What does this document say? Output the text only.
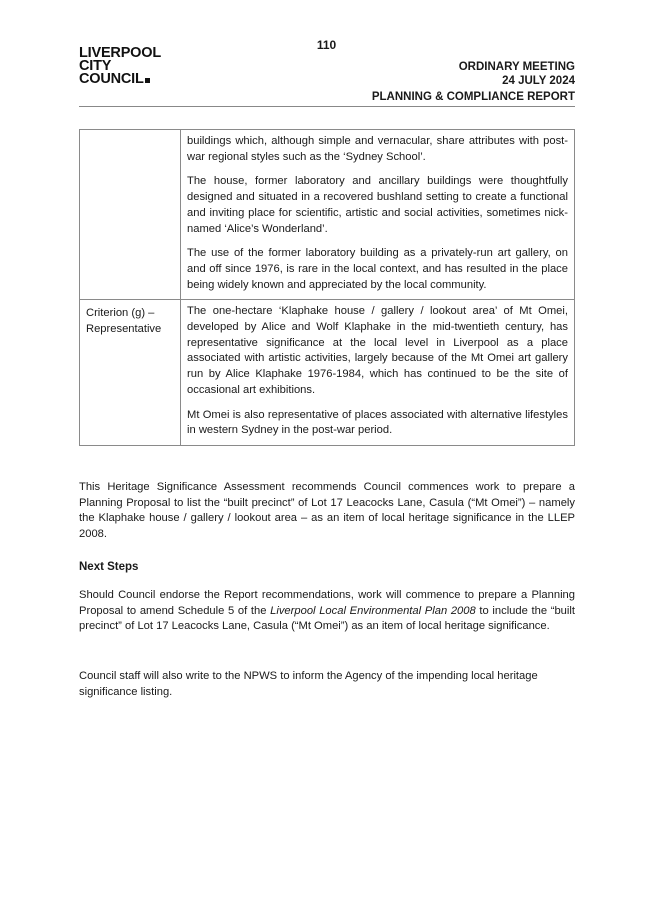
110
LIVERPOOL
CITY
COUNCIL
ORDINARY MEETING
24 JULY 2024
PLANNING & COMPLIANCE REPORT

	buildings which, although simple and vernacular, share attributes with post-war regional styles such as the ‘Sydney School’.

The house, former laboratory and ancillary buildings were thoughtfully designed and situated in a recovered bushland setting to create a functional and inviting place for scientific, artistic and social activities, sometimes nick-named ‘Alice’s Wonderland’.

The use of the former laboratory building as a privately-run art gallery, on and off since 1976, is rare in the local context, and has resulted in the place being widely known and appreciated by the local community.

Criterion (g) – Representative	The one-hectare ‘Klaphake house / gallery / lookout area’ of Mt Omei, developed by Alice and Wolf Klaphake in the mid-twentieth century, has representative significance at the local level in Liverpool as a place associated with artistic activities, largely because of the Mt Omei art gallery run by Alice Klaphake 1976-1984, which has continued to be the site of occasional art exhibitions.

Mt Omei is also representative of places associated with alternative lifestyles in western Sydney in the post-war period.

This Heritage Significance Assessment recommends Council commences work to prepare a Planning Proposal to list the “built precinct” of Lot 17 Leacocks Lane, Casula (“Mt Omei”) – namely the Klaphake house / gallery / lookout area – as an item of local heritage significance in the LLEP 2008.

Next Steps

Should Council endorse the Report recommendations, work will commence to prepare a Planning Proposal to amend Schedule 5 of the Liverpool Local Environmental Plan 2008 to include the “built precinct” of Lot 17 Leacocks Lane, Casula (“Mt Omei”) as an item of local heritage significance.

Council staff will also write to the NPWS to inform the Agency of the impending local heritage significance listing.
